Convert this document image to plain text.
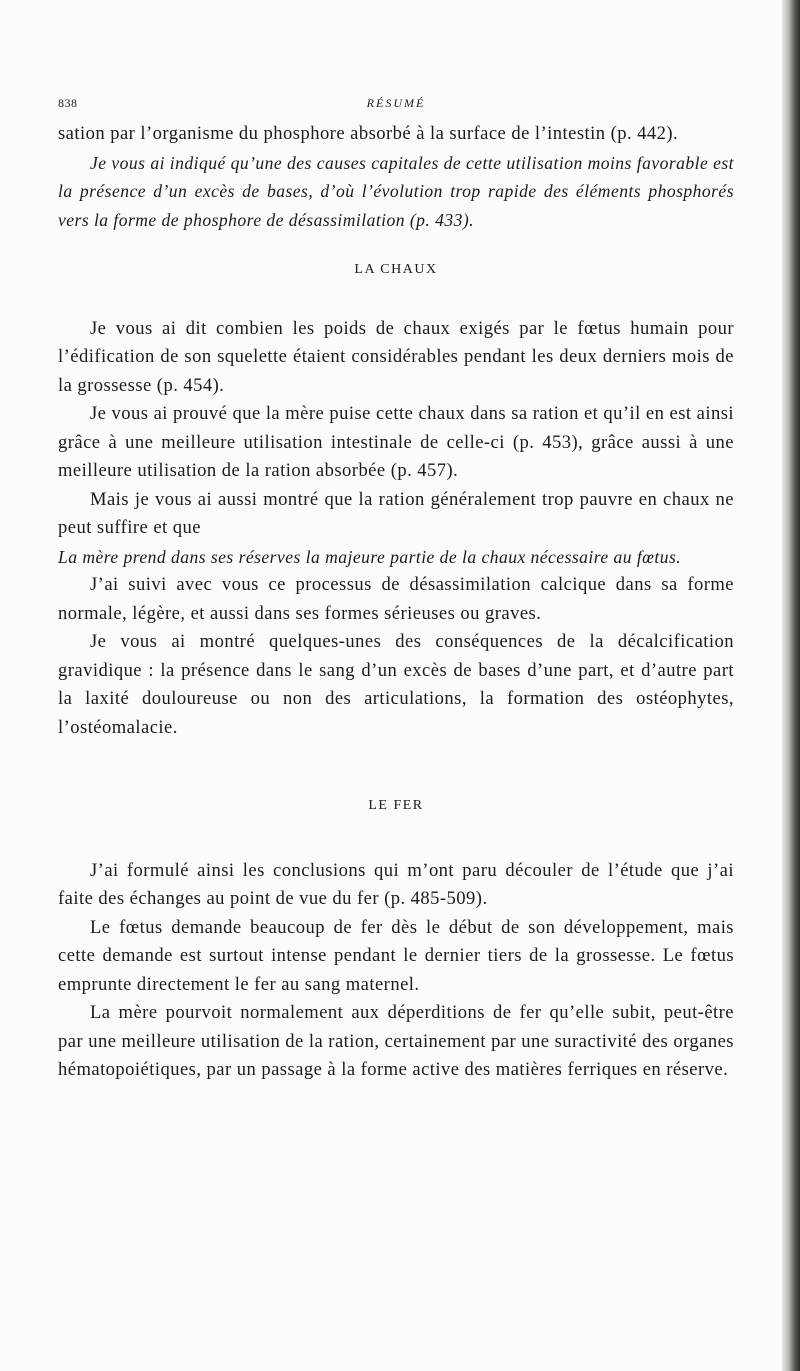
838	RÉSUMÉ

sation par l’organisme du phosphore absorbé à la surface de l’intestin (p. 442).

Je vous ai indiqué qu’une des causes capitales de cette utilisation moins favorable est la présence d’un excès de bases, d’où l’évolution trop rapide des éléments phosphorés vers la forme de phosphore de désassimilation (p. 433).

LA CHAUX

Je vous ai dit combien les poids de chaux exigés par le fœtus humain pour l’édification de son squelette étaient considérables pendant les deux derniers mois de la grossesse (p. 454).

Je vous ai prouvé que la mère puise cette chaux dans sa ration et qu’il en est ainsi grâce à une meilleure utilisation intestinale de celle-ci (p. 453), grâce aussi à une meilleure utilisation de la ration absorbée (p. 457).

Mais je vous ai aussi montré que la ration généralement trop pauvre en chaux ne peut suffire et que

La mère prend dans ses réserves la majeure partie de la chaux nécessaire au fœtus.

J’ai suivi avec vous ce processus de désassimilation calcique dans sa forme normale, légère, et aussi dans ses formes sérieuses ou graves.

Je vous ai montré quelques-unes des conséquences de la décalcification gravidique : la présence dans le sang d’un excès de bases d’une part, et d’autre part la laxité douloureuse ou non des articulations, la formation des ostéophytes, l’ostéomalacie.

LE FER

J’ai formulé ainsi les conclusions qui m’ont paru découler de l’étude que j’ai faite des échanges au point de vue du fer (p. 485-509).

Le fœtus demande beaucoup de fer dès le début de son développement, mais cette demande est surtout intense pendant le dernier tiers de la grossesse. Le fœtus emprunte directement le fer au sang maternel.

La mère pourvoit normalement aux déperditions de fer qu’elle subit, peut-être par une meilleure utilisation de la ration, certainement par une suractivité des organes hématopoiétiques, par un passage à la forme active des matières ferriques en réserve.
